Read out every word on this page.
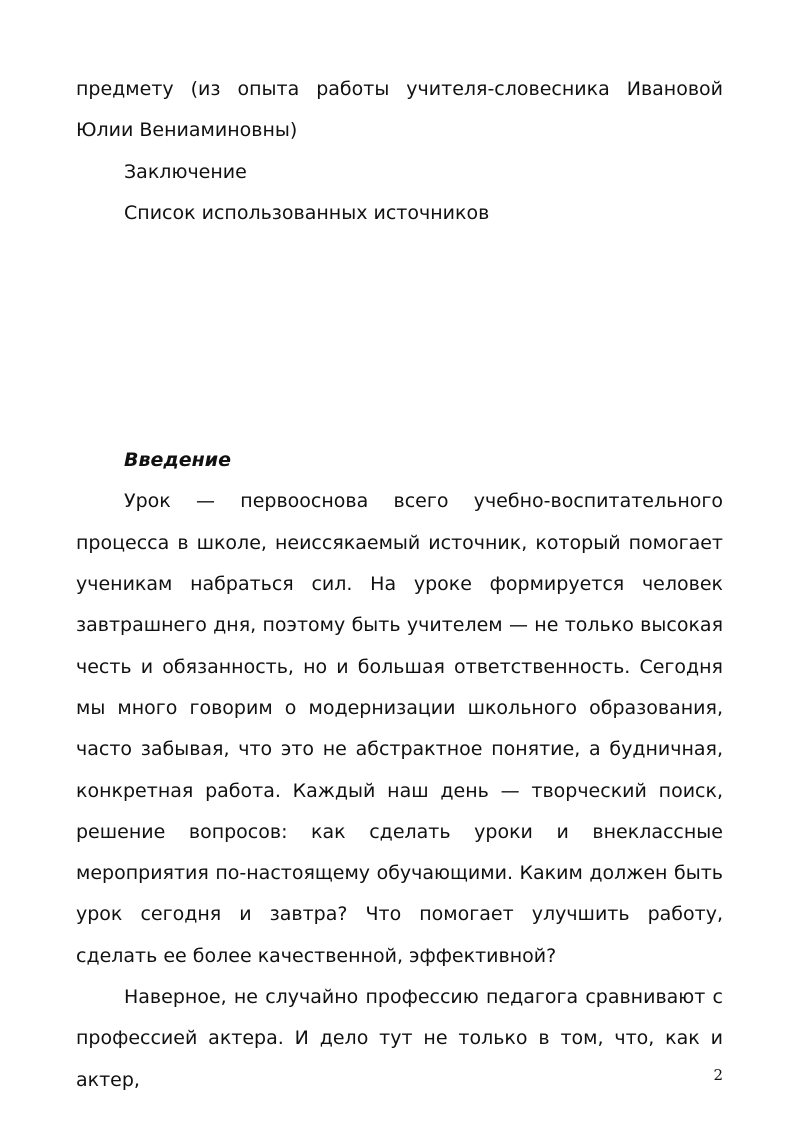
предмету (из опыта работы учителя-словесника Ивановой Юлии Вениаминовны)

Заключение

Список использованных источников

Введение

Урок — первооснова всего учебно-воспитательного процесса в школе, неиссякаемый источник, который помогает ученикам набраться сил. На уроке формируется человек завтрашнего дня, поэтому быть учителем — не только высокая честь и обязанность, но и большая ответственность. Сегодня мы много говорим о модернизации школьного образования, часто забывая, что это не абстрактное понятие, а будничная, конкретная работа. Каждый наш день — творческий поиск, решение вопросов: как сделать уроки и внеклассные мероприятия по-настоящему обучающими. Каким должен быть урок сегодня и завтра? Что помогает улучшить работу, сделать ее более качественной, эффективной?

Наверное, не случайно профессию педагога сравнивают с профессией актера. И дело тут не только в том, что, как и актер,	2
